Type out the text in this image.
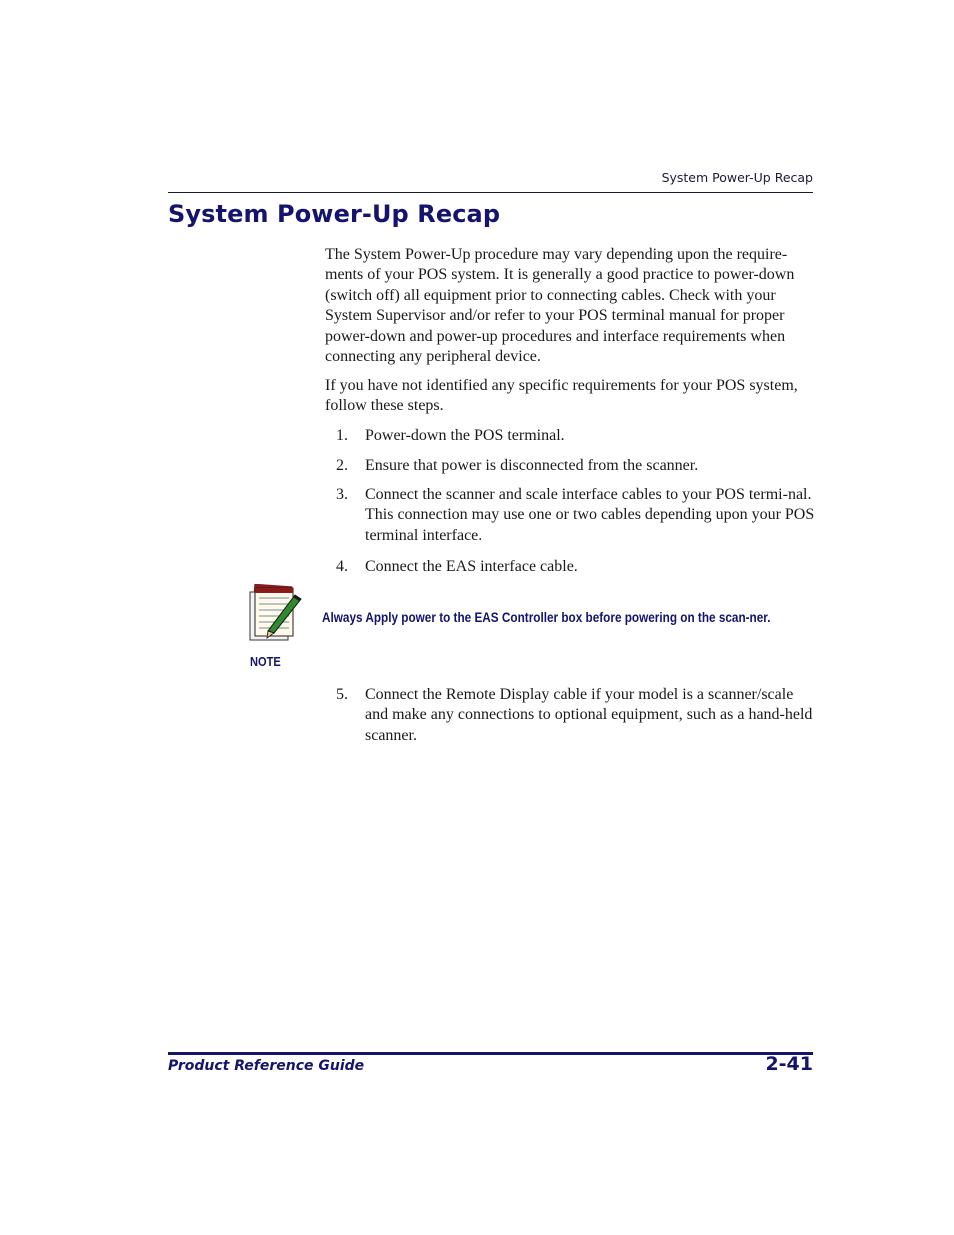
System Power-Up Recap
System Power-Up Recap

The System Power-Up procedure may vary depending upon the require-ments of your POS system. It is generally a good practice to power-down (switch off) all equipment prior to connecting cables. Check with your System Supervisor and/or refer to your POS terminal manual for proper power-down and power-up procedures and interface requirements when connecting any peripheral device.

If you have not identified any specific requirements for your POS system, follow these steps.

1. Power-down the POS terminal.
2. Ensure that power is disconnected from the scanner.
3. Connect the scanner and scale interface cables to your POS termi-nal. This connection may use one or two cables depending upon your POS terminal interface.
4. Connect the EAS interface cable.
NOTE

Always Apply power to the EAS Controller box before powering on the scan-ner.

5. Connect the Remote Display cable if your model is a scanner/scale and make any connections to optional equipment, such as a hand-held scanner.
Product Reference Guide	2-41
